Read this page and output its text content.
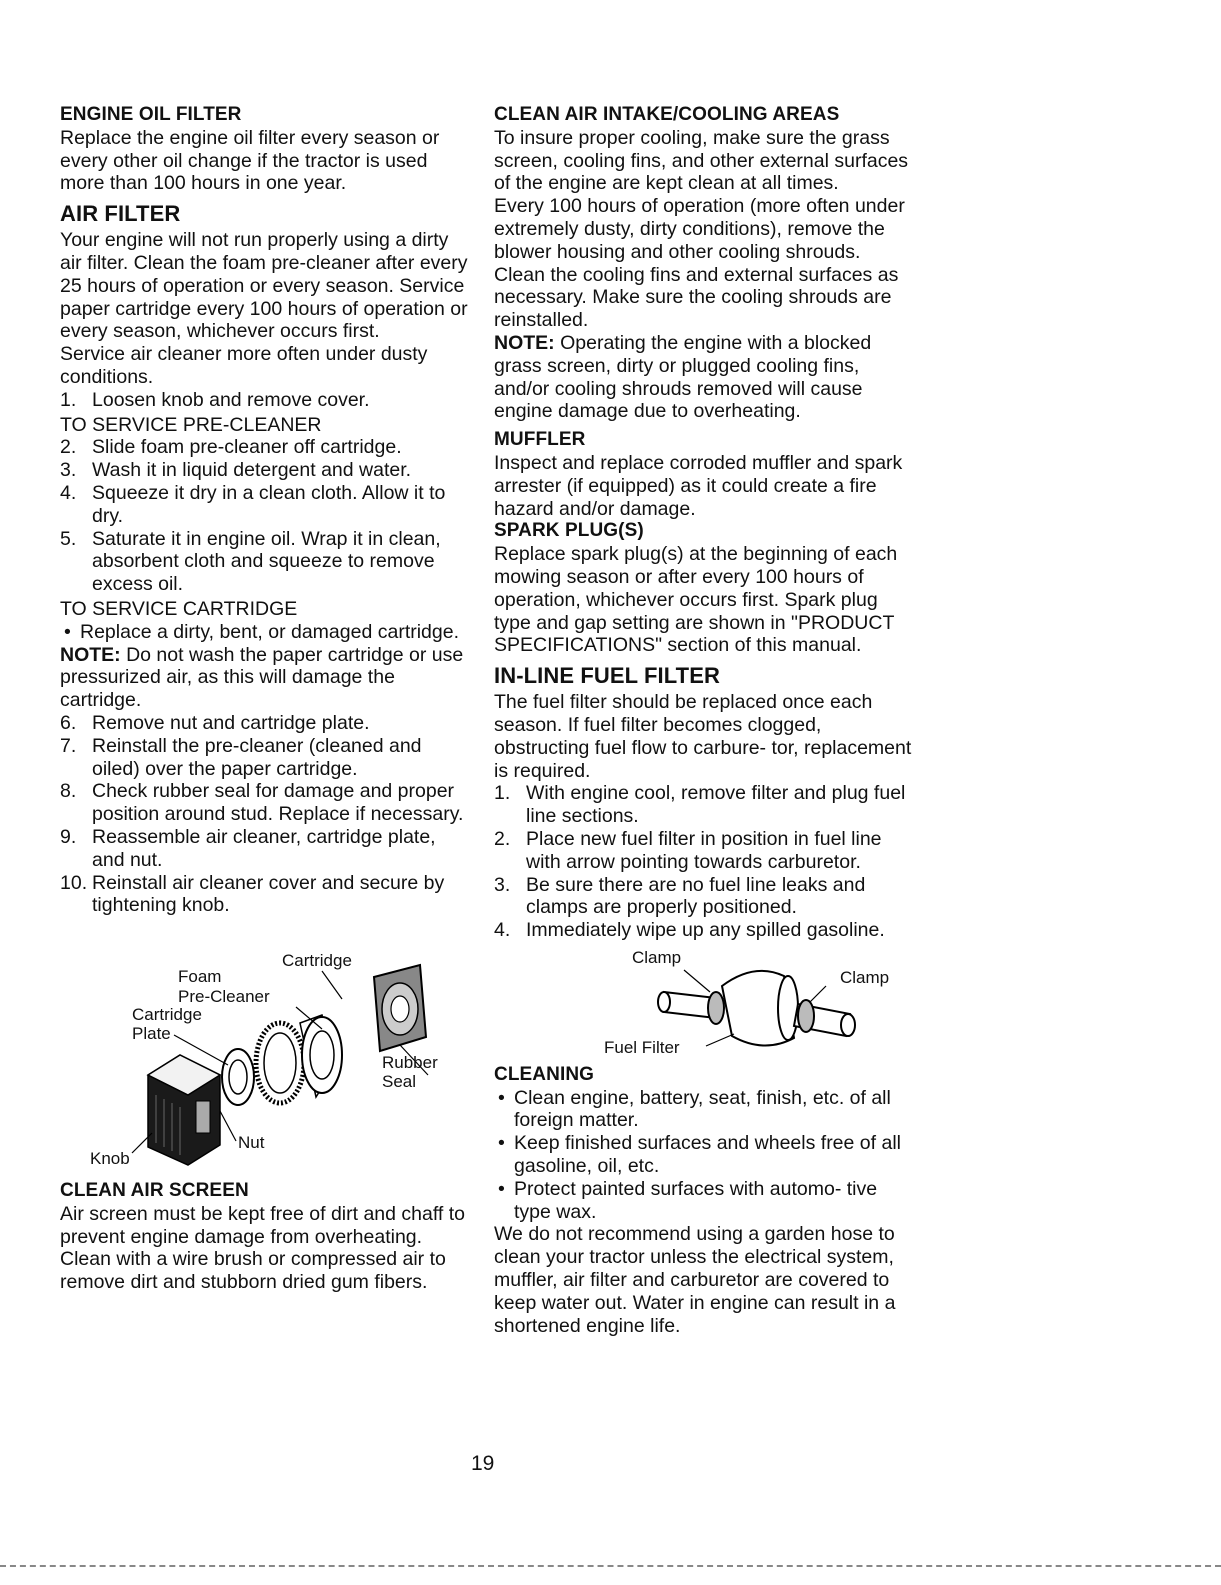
ENGINE OIL FILTER

Replace the engine oil filter every season or every other oil change if the tractor is used more than 100 hours in one year.

AIR FILTER

Your engine will not run properly using a dirty air filter. Clean the foam pre-cleaner after every 25 hours of operation or every season. Service paper cartridge every 100 hours of operation or every season, whichever occurs first.

Service air cleaner more often under dusty conditions.

1. Loosen knob and remove cover.

TO SERVICE PRE-CLEANER

2. Slide foam pre-cleaner off cartridge.
3. Wash it in liquid detergent and water.
4. Squeeze it dry in a clean cloth. Allow it to dry.
5. Saturate it in engine oil. Wrap it in clean, absorbent cloth and squeeze to remove excess oil.

TO SERVICE CARTRIDGE

• Replace a dirty, bent, or damaged cartridge.

NOTE: Do not wash the paper cartridge or use pressurized air, as this will damage the cartridge.

6. Remove nut and cartridge plate.
7. Reinstall the pre-cleaner (cleaned and oiled) over the paper cartridge.
8. Check rubber seal for damage and proper position around stud. Replace if necessary.
9. Reassemble air cleaner, cartridge plate, and nut.
10. Reinstall air cleaner cover and secure by tightening knob.
Cartridge
Foam
Pre-Cleaner
Cartridge
Plate
Rubber
Seal
Knob
Nut

CLEAN AIR SCREEN

Air screen must be kept free of dirt and chaff to prevent engine damage from overheating. Clean with a wire brush or compressed air to remove dirt and stubborn dried gum fibers.

CLEAN AIR INTAKE/COOLING AREAS

To insure proper cooling, make sure the grass screen, cooling fins, and other external surfaces of the engine are kept clean at all times.

Every 100 hours of operation (more often under extremely dusty, dirty conditions), remove the blower housing and other cooling shrouds. Clean the cooling fins and external surfaces as necessary. Make sure the cooling shrouds are reinstalled.

NOTE: Operating the engine with a blocked grass screen, dirty or plugged cooling fins, and/or cooling shrouds removed will cause engine damage due to overheating.

MUFFLER

Inspect and replace corroded muffler and spark arrester (if equipped) as it could create a fire hazard and/or damage.

SPARK PLUG(S)

Replace spark plug(s) at the beginning of each mowing season or after every 100 hours of operation, whichever occurs first. Spark plug type and gap setting are shown in "PRODUCT SPECIFICATIONS" section of this manual.

IN-LINE FUEL FILTER

The fuel filter should be replaced once each season. If fuel filter becomes clogged, obstructing fuel flow to carbure- tor, replacement is required.

1. With engine cool, remove filter and plug fuel line sections.
2. Place new fuel filter in position in fuel line with arrow pointing towards carburetor.
3. Be sure there are no fuel line leaks and clamps are properly positioned.
4. Immediately wipe up any spilled gasoline.
Clamp
Clamp
Fuel Filter

CLEANING

• Clean engine, battery, seat, finish, etc. of all foreign matter.
• Keep finished surfaces and wheels free of all gasoline, oil, etc.
• Protect painted surfaces with automo- tive type wax.

We do not recommend using a garden hose to clean your tractor unless the electrical system, muffler, air filter and carburetor are covered to keep water out. Water in engine can result in a shortened engine life.

19
